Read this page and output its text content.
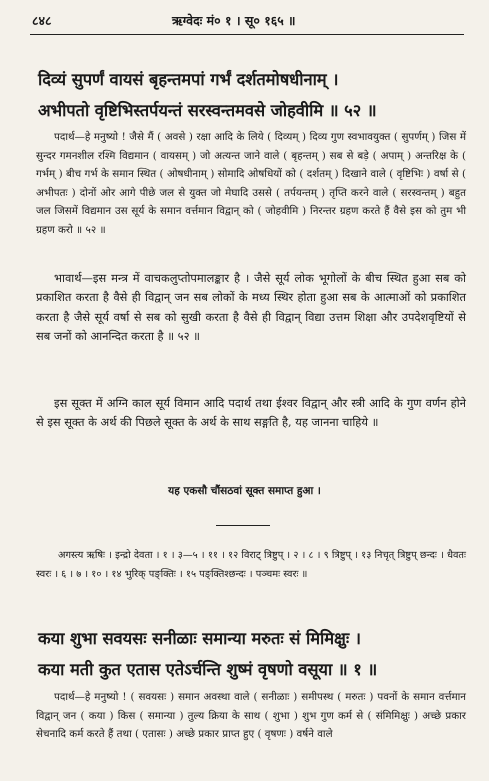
८४८	ऋग्वेदः मं० १ । सू० १६५ ॥
दिव्यं सुपर्णं वायसं बृहन्तमपां गर्भं दर्शतमोषधीनाम् ।
अभीपतो वृष्टिभिस्तर्पयन्तं सरस्वन्तमवसे जोहवीमि ॥ ५२ ॥
पदार्थ—हे मनुष्यो ! जैसे मैं ( अवसे ) रक्षा आदि के लिये ( दिव्यम् ) दिव्य गुण स्वभावयुक्त ( सुपर्णम् ) जिस में सुन्दर गमनशील रश्मि विद्यमान ( वायसम् ) जो अत्यन्त जाने वाले ( बृहन्तम् ) सब से बड़े ( अपाम् ) अन्तरिक्ष के ( गर्भम् ) बीच गर्भ के समान स्थित ( ओषधीनाम् ) सोमादि ओषधियों को ( दर्शतम् ) दिखाने वाले ( वृष्टिभिः ) वर्षा से ( अभीपतः ) दोनों ओर आगे पीछे जल से युक्त जो मेघादि उससे ( तर्पयन्तम् ) तृप्ति करने वाले ( सरस्वन्तम् ) बहुत जल जिसमें विद्यमान उस सूर्य के समान वर्त्तमान विद्वान् को ( जोहवीमि ) निरन्तर ग्रहण करते हैं वैसे इस को तुम भी ग्रहण करो ॥ ५२ ॥
भावार्थ—इस मन्त्र में वाचकलुप्तोपमालङ्कार है । जैसे सूर्य लोक भूगोलों के बीच स्थित हुआ सब को प्रकाशित करता है वैसे ही विद्वान् जन सब लोकों के मध्य स्थिर होता हुआ सब के आत्माओं को प्रकाशित करता है जैसे सूर्य वर्षा से सब को सुखी करता है वैसे ही विद्वान् विद्या उत्तम शिक्षा और उपदेशवृष्टियों से सब जनों को आनन्दित करता है ॥ ५२ ॥
इस सूक्त में अग्नि काल सूर्य विमान आदि पदार्थ तथा ईश्वर विद्वान् और स्त्री आदि के गुण वर्णन होने से इस सूक्त के अर्थ की पिछले सूक्त के अर्थ के साथ सङ्गति है, यह जानना चाहिये ॥
यह एकसौ चौंसठवां सूक्त समाप्त हुआ ।
अगस्त्य ऋषिः । इन्द्रो देवता । १ । ३—५ । ११ । १२ विराट् त्रिष्टुप् । २ । ८ । ९ त्रिष्टुप् । १३ निचृत् त्रिष्टुप् छन्दः । धैवतः स्वरः । ६ । ७ । १० । १४ भुरिक् पङ्क्तिः । १५ पङ्क्तिश्छन्दः । पञ्चमः स्वरः ॥
कया शुभा सवयसः सनीळाः समान्या मरुतः सं मिमिक्षुः ।
कया मती कुत एतास एतेऽर्चन्ति शुष्मं वृषणो वसूया ॥ १ ॥
पदार्थ—हे मनुष्यो ! ( सवयसः ) समान अवस्था वाले ( सनीळाः ) समीपस्थ ( मरुतः ) पवनों के समान वर्त्तमान विद्वान् जन ( कया ) किस ( समान्या ) तुल्य क्रिया के साथ ( शुभा ) शुभ गुण कर्म से ( संमिमिक्षुः ) अच्छे प्रकार सेचनादि कर्म करते हैं तथा ( एतासः ) अच्छे प्रकार प्राप्त हुए ( वृषणः ) वर्षने वाले
